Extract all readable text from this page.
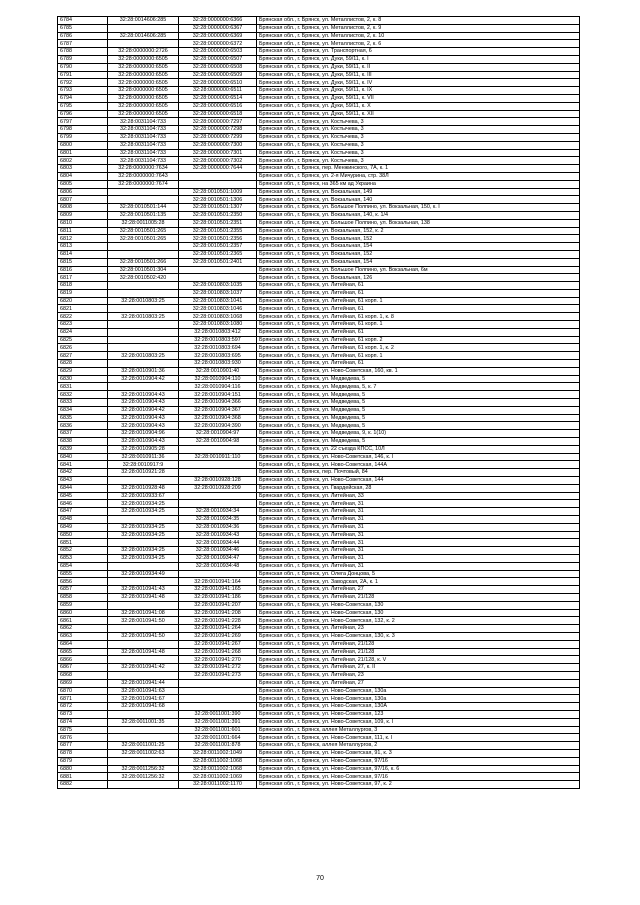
6784	32:28:0014606:285	32:28:0000000:6366	Брянская обл., г. Брянск, ул. Металлистов, 2, к. 8
6785		32:28:0000000:6367	Брянская обл., г. Брянск, ул. Металлистов, 2, к. 9
6786	32:28:0014606:285	32:28:0000000:6369	Брянская обл., г. Брянск, ул. Металлистов, 2, к. 10
6787		32:28:0000000:6372	Брянская обл., г. Брянск, ул. Металлистов, 2, к. 6
6788	32:28:0000000:2726	32:28:0000000:6503	Брянская обл., г. Брянск, ул. Транспортная, 6
6789	32:28:0000000:6505	32:28:0000000:6507	Брянская обл., г. Брянск, ул. Дуки, 59/11, к. I
6790	32:28:0000000:6505	32:28:0000000:6508	Брянская обл., г. Брянск, ул. Дуки, 59/11, к. II
6791	32:28:0000000:6505	32:28:0000000:6509	Брянская обл., г. Брянск, ул. Дуки, 59/11, к. III
6792	32:28:0000000:6505	32:28:0000000:6510	Брянская обл., г. Брянск, ул. Дуки, 59/11, к. IV
6793	32:28:0000000:6505	32:28:0000000:6511	Брянская обл., г. Брянск, ул. Дуки, 59/11, к. IX
6794	32:28:0000000:6505	32:28:0000000:6514	Брянская обл., г. Брянск, ул. Дуки, 59/11, к. VII
6795	32:28:0000000:6505	32:28:0000000:6516	Брянская обл., г. Брянск, ул. Дуки, 59/11, к. X
6796	32:28:0000000:6505	32:28:0000000:6518	Брянская обл., г. Брянск, ул. Дуки, 59/11, к. XII
6797	32:28:0031104:733	32:28:0000000:7297	Брянская обл., г. Брянск, ул. Костычева, 3
6798	32:28:0031104:733	32:28:0000000:7298	Брянская обл., г. Брянск, ул. Костычева, 3
6799	32:28:0031104:733	32:28:0000000:7299	Брянская обл., г. Брянск, ул. Костычева, 3
6800	32:28:0031104:733	32:28:0000000:7300	Брянская обл., г. Брянск, ул. Костычева, 3
6801	32:28:0031104:733	32:28:0000000:7301	Брянская обл., г. Брянск, ул. Костычева, 3
6802	32:28:0031104:733	32:28:0000000:7302	Брянская обл., г. Брянск, ул. Костычева, 3
6803	32:28:0000000:7634	32:28:0000000:7644	Брянская обл., г. Брянск, пер. Менжинского, 7А, к. 1
6804	32:28:0000000:7643		Брянская обл., г. Брянск, ул. 2-я Мичурина, стр. 38Л
6805	32:28:0000000:7674		Брянская обл., г. Брянск, на 365 км ад Украина
6806		32:28:0010501:1009	Брянская обл., г. Брянск, ул. Вокзальная, 149
6807		32:28:0010501:1306	Брянская обл., г. Брянск, ул. Вокзальная, 140
6808	32:28:0010501:144	32:28:0010501:1307	Брянская обл., г. Брянск, ул. Большое Полпино, ул. Вокзальная, 150, к. I
6809	32:28:0010501:135	32:28:0010501:2350	Брянская обл., г. Брянск, ул. Вокзальная, 140, к. 1/4
6810	32:28:0011005:28	32:28:0010501:2351	Брянская обл., г. Брянск, ул. Большое Полпино, ул. Вокзальная, 138
6811	32:28:0010501:265	32:28:0010501:2355	Брянская обл., г. Брянск, ул. Вокзальная, 152, к. 2
6812	32:28:0010501:265	32:28:0010501:2356	Брянская обл., г. Брянск, ул. Вокзальная, 152
6813		32:28:0010501:2357	Брянская обл., г. Брянск, ул. Вокзальная, 154
6814		32:28:0010501:2365	Брянская обл., г. Брянск, ул. Вокзальная, 152
6815	32:28:0010501:266	32:28:0010501:2401	Брянская обл., г. Брянск, ул. Вокзальная, 154
6816	32:28:0010501:304		Брянская обл., г. Брянск, ул. Большое Полпино, ул. Вокзальная, 6м
6817	32:28:0010502:420		Брянская обл., г. Брянск, ул. Вокзальная, 126
6818		32:28:0010803:1035	Брянская обл., г. Брянск, ул. Литейная, 61
6819		32:28:0010803:1037	Брянская обл., г. Брянск, ул. Литейная, 61
6820	32:28:0010803:25	32:28:0010803:1041	Брянская обл., г. Брянск, ул. Литейная, 61 корп. 1
6821		32:28:0010803:1046	Брянская обл., г. Брянск, ул. Литейная, 61
6822	32:28:0010803:25	32:28:0010803:1068	Брянская обл., г. Брянск, ул. Литейная, 61 корп. 1, к. 8
6823		32:28:0010803:1080	Брянская обл., г. Брянск, ул. Литейная, 61 корп. 1
6824		32:28:0010803:412	Брянская обл., г. Брянск, ул. Литейная, 61
6825		32:28:0010803:597	Брянская обл., г. Брянск, ул. Литейная, 61 корп. 2
6826		32:28:0010803:694	Брянская обл., г. Брянск, ул. Литейная, 61 корп. 1, к. 2
6827	32:28:0010803:25	32:28:0010803:695	Брянская обл., г. Брянск, ул. Литейная, 61 корп. 1
6828		32:28:0010803:930	Брянская обл., г. Брянск, ул. Литейная, 61
6829	32:28:0010901:36	32:28:0010901:40	Брянская обл., г. Брянск, ул. Ново-Советская, 160, кв. 1
6830	32:28:0010904:42	32:28:0010904:110	Брянская обл., г. Брянск, ул. Медведева, 5
6831		32:28:0010904:116	Брянская обл., г. Брянск, ул. Медведева, 5, к. 7
6832	32:28:0010904:43	32:28:0010904:151	Брянская обл., г. Брянск, ул. Медведева, 5
6833	32:28:0010904:43	32:28:0010904:366	Брянская обл., г. Брянск, ул. Медведева, 5
6834	32:28:0010904:42	32:28:0010904:367	Брянская обл., г. Брянск, ул. Медведева, 5
6835	32:28:0010904:43	32:28:0010904:368	Брянская обл., г. Брянск, ул. Медведева, 5
6836	32:28:0010904:43	32:28:0010904:390	Брянская обл., г. Брянск, ул. Медведева, 5
6837	32:28:0010904:96	32:28:0010904:97	Брянская обл., г. Брянск, ул. Медведева, 9, к. 1(10)
6838	32:28:0010904:43	32:28:0010904:98	Брянская обл., г. Брянск, ул. Медведева, 5
6839	32:28:0010905:28		Брянская обл., г. Брянск, ул. 22 съезда КПСС, 10Л
6840	32:28:0010911:36	32:28:0010911:110	Брянская обл., г. Брянск, ул. Ново-Советская, 146, к. I
6841	32:28:0010917:9		Брянская обл., г. Брянск, ул. Ново-Советская, 144А
6842	32:28:0010921:28		Брянская обл., г. Брянск, пер. Почтовый, 84
6843		32:28:0010928:128	Брянская обл., г. Брянск, ул. Ново-Советская, 144
6844	32:28:0010928:48	32:28:0010928:209	Брянская обл., г. Брянск, ул. Гвардейская, 28
6845	32:28:0010933:67		Брянская обл., г. Брянск, ул. Литейная, 33
6846	32:28:0010934:25		Брянская обл., г. Брянск, ул. Литейная, 31
6847	32:28:0010934:25	32:28:0010934:34	Брянская обл., г. Брянск, ул. Литейная, 31
6848		32:28:0010934:35	Брянская обл., г. Брянск, ул. Литейная, 31
6849	32:28:0010934:25	32:28:0010934:36	Брянская обл., г. Брянск, ул. Литейная, 31
6850	32:28:0010934:25	32:28:0010934:43	Брянская обл., г. Брянск, ул. Литейная, 31
6851		32:28:0010934:44	Брянская обл., г. Брянск, ул. Литейная, 31
6852	32:28:0010934:25	32:28:0010934:46	Брянская обл., г. Брянск, ул. Литейная, 31
6853	32:28:0010934:25	32:28:0010934:47	Брянская обл., г. Брянск, ул. Литейная, 31
6854		32:28:0010934:48	Брянская обл., г. Брянск, ул. Литейная, 31
6855	32:28:0010934:49		Брянская обл., г. Брянск, ул. Олега Донцова, 5
6856		32:28:0010941:164	Брянская обл., г. Брянск, ул. Заводская, 2А, к. 1
6857	32:28:0010941:43	32:28:0010941:165	Брянская обл., г. Брянск, ул. Литейная, 27
6858	32:28:0010941:48	32:28:0010941:186	Брянская обл., г. Брянск, ул. Литейная, 21/128
6859		32:28:0010941:207	Брянская обл., г. Брянск, ул. Ново-Советская, 130
6860	32:28:0010941:08	32:28:0010941:208	Брянская обл., г. Брянск, ул. Ново-Советская, 130
6861	32:28:0010941:50	32:28:0010941:228	Брянская обл., г. Брянск, ул. Ново-Советская, 132, к. 2
6862		32:28:0010941:264	Брянская обл., г. Брянск, ул. Литейная, 23
6863	32:28:0010941:50	32:28:0010941:269	Брянская обл., г. Брянск, ул. Ново-Советская, 130, к. 3
6864		32:28:0010941:267	Брянская обл., г. Брянск, ул. Литейная, 21/128
6865	32:28:0010941:48	32:28:0010941:268	Брянская обл., г. Брянск, ул. Литейная, 21/128
6866		32:28:0010941:270	Брянская обл., г. Брянск, ул. Литейная, 21/128, к. V
6867	32:28:0010941:42	32:28:0010941:272	Брянская обл., г. Брянск, ул. Литейная, 27, к. II
6868		32:28:0010941:273	Брянская обл., г. Брянск, ул. Литейная, 23
6869	32:28:0010941:44		Брянская обл., г. Брянск, ул. Литейная, 27
6870	32:28:0010941:63		Брянская обл., г. Брянск, ул. Ново-Советская, 130а
6871	32:28:0010941:67		Брянская обл., г. Брянск, ул. Ново-Советская, 130а
6872	32:28:0010941:68		Брянская обл., г. Брянск, ул. Ново-Советская, 130А
6873		32:28:0011001:390	Брянская обл., г. Брянск, ул. Ново-Советская, 123
6874	32:28:0011001:35	32:28:0011001:391	Брянская обл., г. Брянск, ул. Ново-Советская, 109, к. I
6875		32:28:0011001:601	Брянская обл., г. Брянск, аллея Металлургов, 3
6876		32:28:0011001:664	Брянская обл., г. Брянск, ул. Ново-Советская, 111, к. I
6877	32:28:0011001:25	32:28:0011001:878	Брянская обл., г. Брянск, аллея Металлургов, 2
6878	32:28:0011002:63	32:28:0011002:1049	Брянская обл., г. Брянск, ул. Ново-Советская, 91, к. 3
6879		32:28:0011002:1068	Брянская обл., г. Брянск, ул. Ново-Советская, 97/16
6880	32:28:0011256:32	32:28:0011002:1068	Брянская обл., г. Брянск, ул. Ново-Советская, 97/16, к. 6
6881	32:28:0011256:32	32:28:0011002:1069	Брянская обл., г. Брянск, ул. Ново-Советская, 97/16
6882		32:28:0011002:1170	Брянская обл., г. Брянск, ул. Ново-Советская, 97, к. 2
70
